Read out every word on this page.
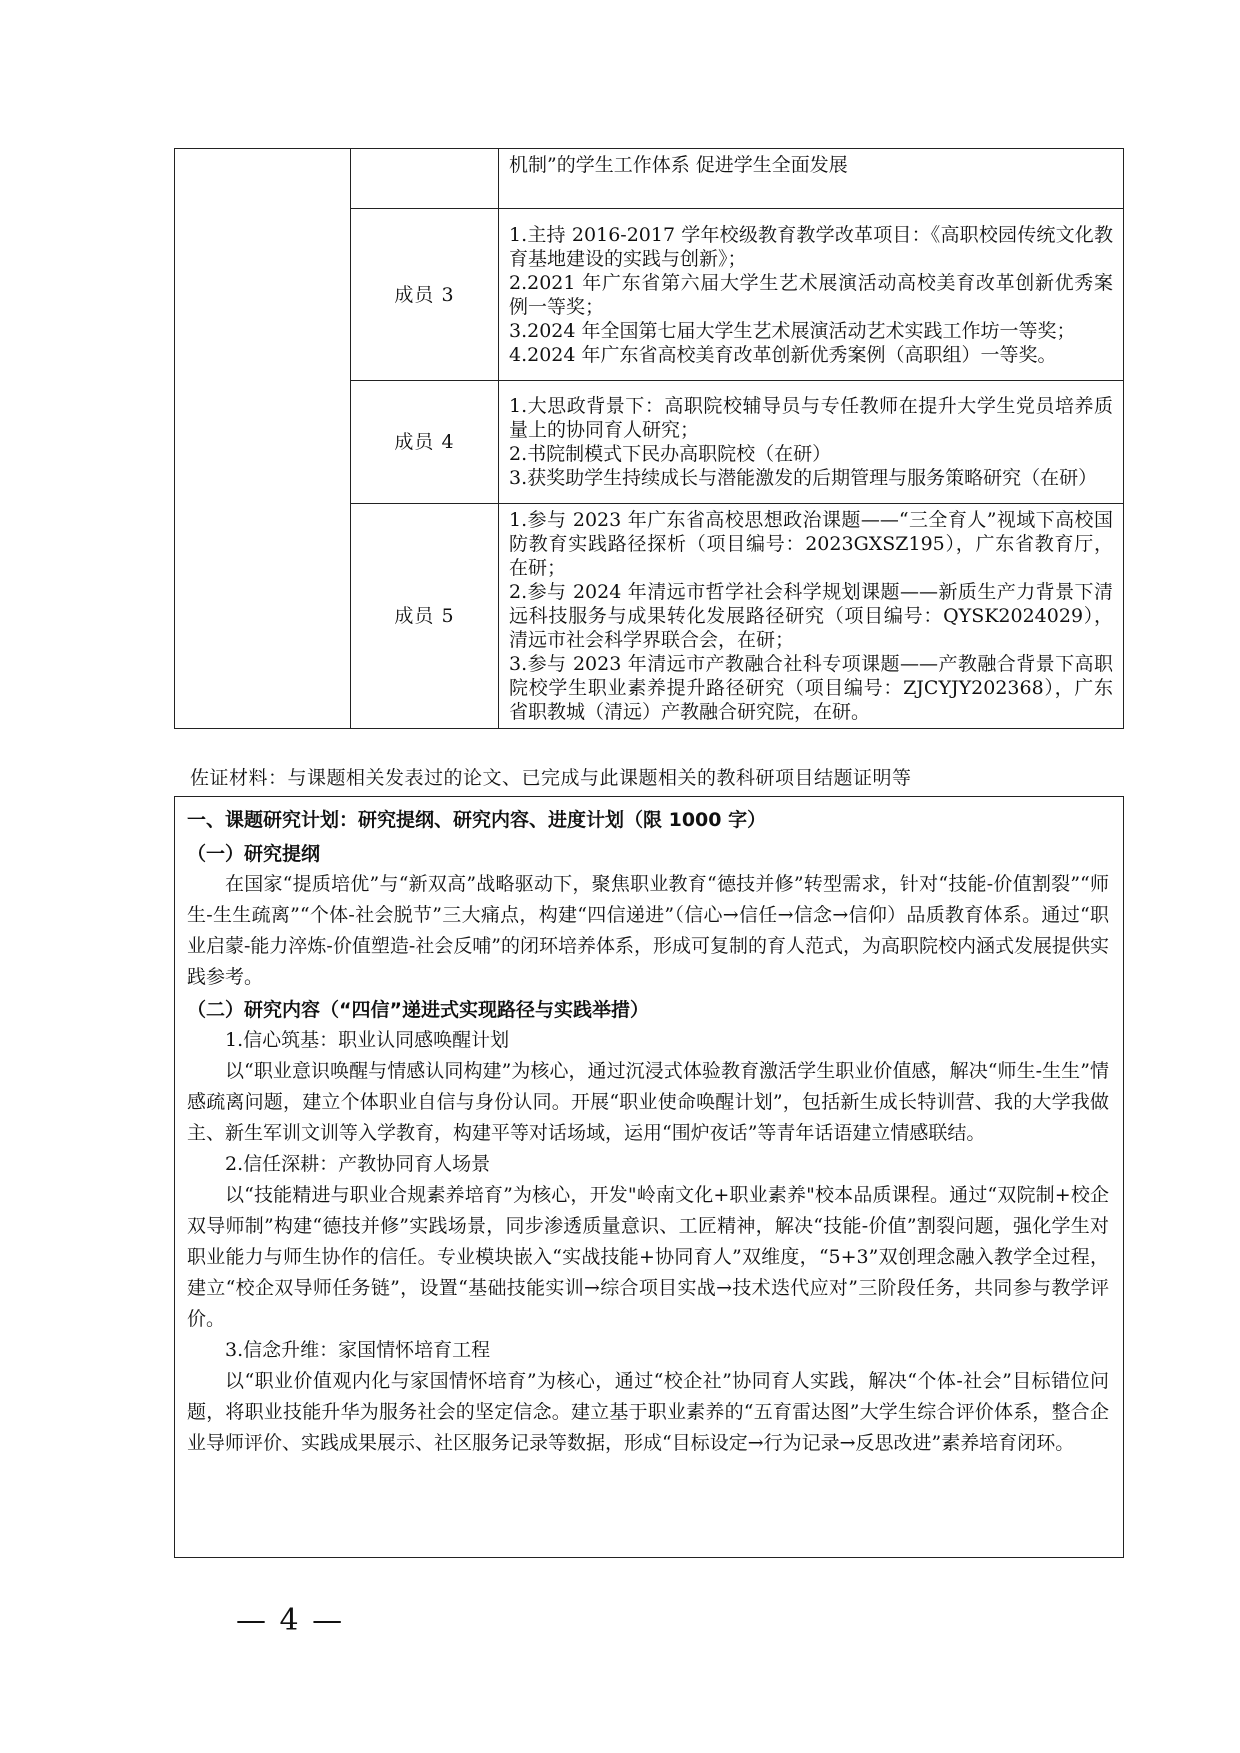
		机制”的学生工作体系 促进学生全面发展

	成员 3	1.主持 2016-2017 学年校级教育教学改革项目：《高职校园传统文化教育基地建设的实践与创新》；
2.2021 年广东省第六届大学生艺术展演活动高校美育改革创新优秀案例一等奖；
3.2024 年全国第七届大学生艺术展演活动艺术实践工作坊一等奖；
4.2024 年广东省高校美育改革创新优秀案例（高职组）一等奖。

	成员 4	1.大思政背景下：高职院校辅导员与专任教师在提升大学生党员培养质量上的协同育人研究；
2.书院制模式下民办高职院校（在研）
3.获奖助学生持续成长与潜能激发的后期管理与服务策略研究（在研）

	成员 5	1.参与 2023 年广东省高校思想政治课题——“三全育人”视域下高校国防教育实践路径探析（项目编号：2023GXSZ195），广东省教育厅，在研；
2.参与 2024 年清远市哲学社会科学规划课题——新质生产力背景下清远科技服务与成果转化发展路径研究（项目编号：QYSK2024029），清远市社会科学界联合会，在研；
3.参与 2023 年清远市产教融合社科专项课题——产教融合背景下高职院校学生职业素养提升路径研究（项目编号：ZJCYJY202368），广东省职教城（清远）产教融合研究院，在研。
佐证材料：与课题相关发表过的论文、已完成与此课题相关的教科研项目结题证明等
一、课题研究计划：研究提纲、研究内容、进度计划（限 1000 字）
（一）研究提纲

在国家“提质培优”与“新双高”战略驱动下，聚焦职业教育“德技并修”转型需求，针对“技能-价值割裂”“师生-生生疏离”“个体-社会脱节”三大痛点，构建“四信递进”（信心→信任→信念→信仰）品质教育体系。通过“职业启蒙-能力淬炼-价值塑造-社会反哺”的闭环培养体系，形成可复制的育人范式，为高职院校内涵式发展提供实践参考。

（二）研究内容（“四信”递进式实现路径与实践举措）

1.信心筑基：职业认同感唤醒计划

以“职业意识唤醒与情感认同构建”为核心，通过沉浸式体验教育激活学生职业价值感，解决“师生-生生”情感疏离问题，建立个体职业自信与身份认同。开展“职业使命唤醒计划”，包括新生成长特训营、我的大学我做主、新生军训文训等入学教育，构建平等对话场域，运用“围炉夜话”等青年话语建立情感联结。

2.信任深耕：产教协同育人场景

以“技能精进与职业合规素养培育”为核心，开发"岭南文化+职业素养"校本品质课程。通过“双院制+校企双导师制”构建“德技并修”实践场景，同步渗透质量意识、工匠精神，解决“技能-价值”割裂问题，强化学生对职业能力与师生协作的信任。专业模块嵌入“实战技能+协同育人”双维度，“5+3”双创理念融入教学全过程，建立“校企双导师任务链”，设置“基础技能实训→综合项目实战→技术迭代应对”三阶段任务，共同参与教学评价。

3.信念升维：家国情怀培育工程

以“职业价值观内化与家国情怀培育”为核心，通过“校企社”协同育人实践，解决“个体-社会”目标错位问题，将职业技能升华为服务社会的坚定信念。建立基于职业素养的“五育雷达图”大学生综合评价体系，整合企业导师评价、实践成果展示、社区服务记录等数据，形成“目标设定→行为记录→反思改进”素养培育闭环。

— 4 —
